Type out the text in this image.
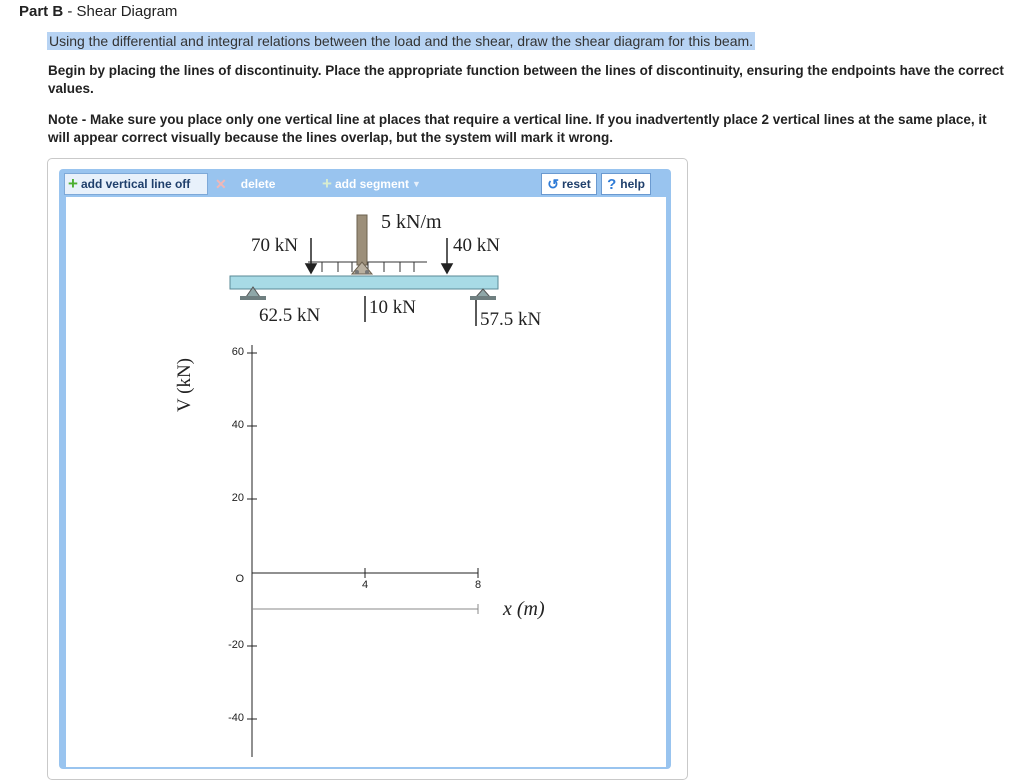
Part B - Shear Diagram
Using the differential and integral relations between the load and the shear, draw the shear diagram for this beam.
Begin by placing the lines of discontinuity. Place the appropriate function between the lines of discontinuity, ensuring the endpoints have the correct values.
Note - Make sure you place only one vertical line at places that require a vertical line. If you inadvertently place 2 vertical lines at the same place, it will appear correct visually because the lines overlap, but the system will mark it wrong.
+ add vertical line off ✕ delete	+ add segment ▼	↺ reset ? help
5 kN/m
70 kN	40 kN
62.5 kN	10 kN
57.5 kN
V (kN)
x (m)
60
40
20
O
-20
-40
4	8
